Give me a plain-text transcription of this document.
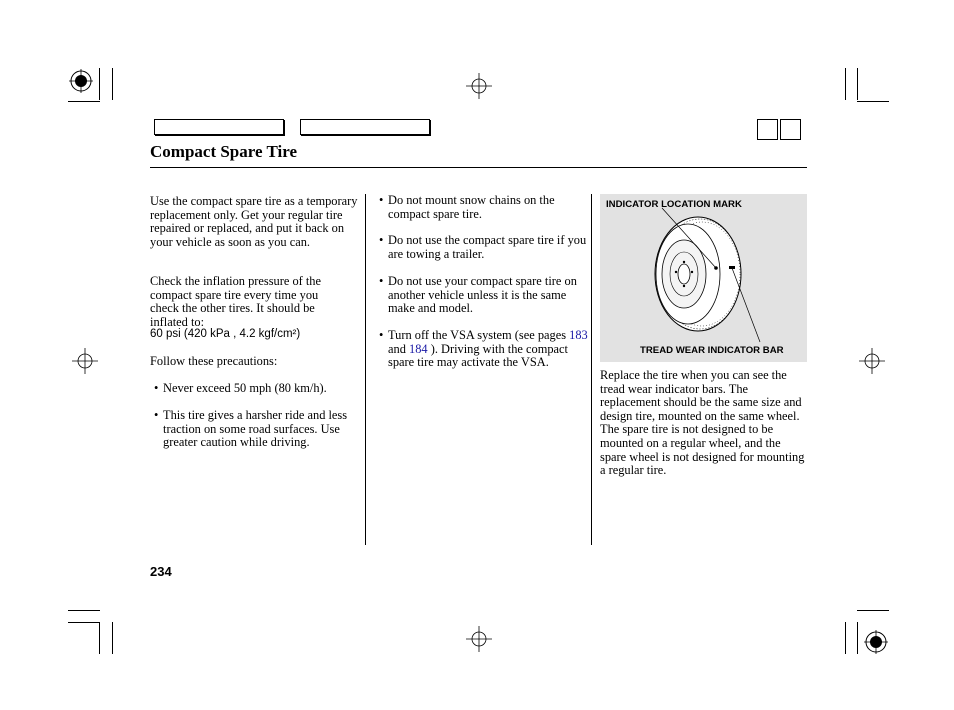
Compact Spare Tire

Use the compact spare tire as a temporary replacement only. Get your regular tire repaired or replaced, and put it back on your vehicle as soon as you can.

Check the inflation pressure of the compact spare tire every time you check the other tires. It should be inflated to:

60 psi (420 kPa , 4.2 kgf/cm²)

Follow these precautions:

• Never exceed 50 mph (80 km/h).

• This tire gives a harsher ride and less traction on some road surfaces. Use greater caution while driving.

• Do not mount snow chains on the compact spare tire.

• Do not use the compact spare tire if you are towing a trailer.

• Do not use your compact spare tire on another vehicle unless it is the same make and model.

• Turn off the VSA system (see pages 183 and 184 ). Driving with the compact spare tire may activate the VSA.

INDICATOR LOCATION MARK
TREAD WEAR INDICATOR BAR

Replace the tire when you can see the tread wear indicator bars. The replacement should be the same size and design tire, mounted on the same wheel. The spare tire is not designed to be mounted on a regular wheel, and the spare wheel is not designed for mounting a regular tire.

234
